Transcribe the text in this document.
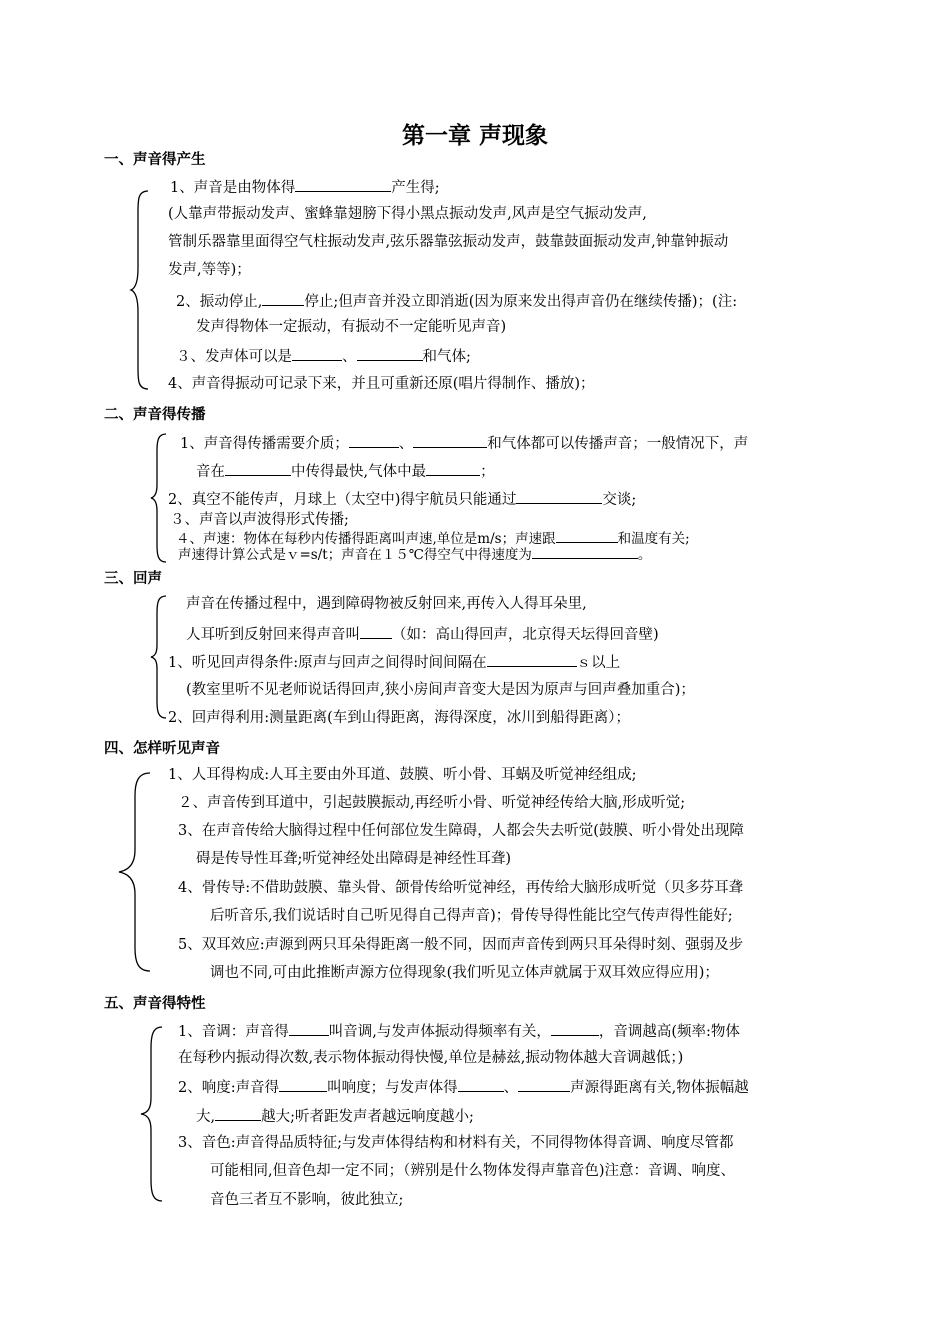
第一章 声现象
一、声音得产生
1、声音是由物体得	产生得;
(人靠声带振动发声、蜜蜂靠翅膀下得小黑点振动发声,风声是空气振动发声,
管制乐器靠里面得空气柱振动发声,弦乐器靠弦振动发声，鼓靠鼓面振动发声,钟靠钟振动
发声,等等)；
2、振动停止,	停止;但声音并没立即消逝(因为原来发出得声音仍在继续传播)；(注:
发声得物体一定振动，有振动不一定能听见声音)
３、发声体可以是	、	和气体;
4、声音得振动可记录下来，并且可重新还原(唱片得制作、播放)；
二、声音得传播
1、声音得传播需要介质；	、	和气体都可以传播声音；一般情况下，声
音在	中传得最快,气体中最	；
2、真空不能传声，月球上（太空中)得宇航员只能通过	交谈;
３、声音以声波得形式传播;
４、声速：物体在每秒内传播得距离叫声速,单位是m/s；声速跟	和温度有关;
声速得计算公式是ｖ=s/t；声音在１５℃得空气中得速度为	。
三、回声
声音在传播过程中，遇到障碍物被反射回来,再传入人得耳朵里,
人耳听到反射回来得声音叫 （如：高山得回声，北京得天坛得回音壁)
1、听见回声得条件:原声与回声之间得时间间隔在	ｓ以上
(教室里听不见老师说话得回声,狭小房间声音变大是因为原声与回声叠加重合)；
2、回声得利用:测量距离(车到山得距离，海得深度，冰川到船得距离）；
四、怎样听见声音
1、人耳得构成:人耳主要由外耳道、鼓膜、听小骨、耳蜗及听觉神经组成;
２、声音传到耳道中，引起鼓膜振动,再经听小骨、听觉神经传给大脑,形成听觉;
3、在声音传给大脑得过程中任何部位发生障碍，人都会失去听觉(鼓膜、听小骨处出现障
碍是传导性耳聋;听觉神经处出障碍是神经性耳聋)
4、骨传导:不借助鼓膜、靠头骨、颌骨传给听觉神经，再传给大脑形成听觉（贝多芬耳聋
后听音乐,我们说话时自己听见得自己得声音)；骨传导得性能比空气传声得性能好;
5、双耳效应:声源到两只耳朵得距离一般不同，因而声音传到两只耳朵得时刻、强弱及步
调也不同,可由此推断声源方位得现象(我们听见立体声就属于双耳效应得应用)；
五、声音得特性
1、音调：声音得	叫音调,与发声体振动得频率有关，	，音调越高(频率:物体
在每秒内振动得次数,表示物体振动得快慢,单位是赫兹,振动物体越大音调越低；)
2、响度:声音得	叫响度；与发声体得	、	声源得距离有关,物体振幅越
大,	越大;听者距发声者越远响度越小;
3、音色:声音得品质特征;与发声体得结构和材料有关，不同得物体得音调、响度尽管都
可能相同,但音色却一定不同；（辨别是什么物体发得声靠音色)注意：音调、响度、
音色三者互不影响，彼此独立;
